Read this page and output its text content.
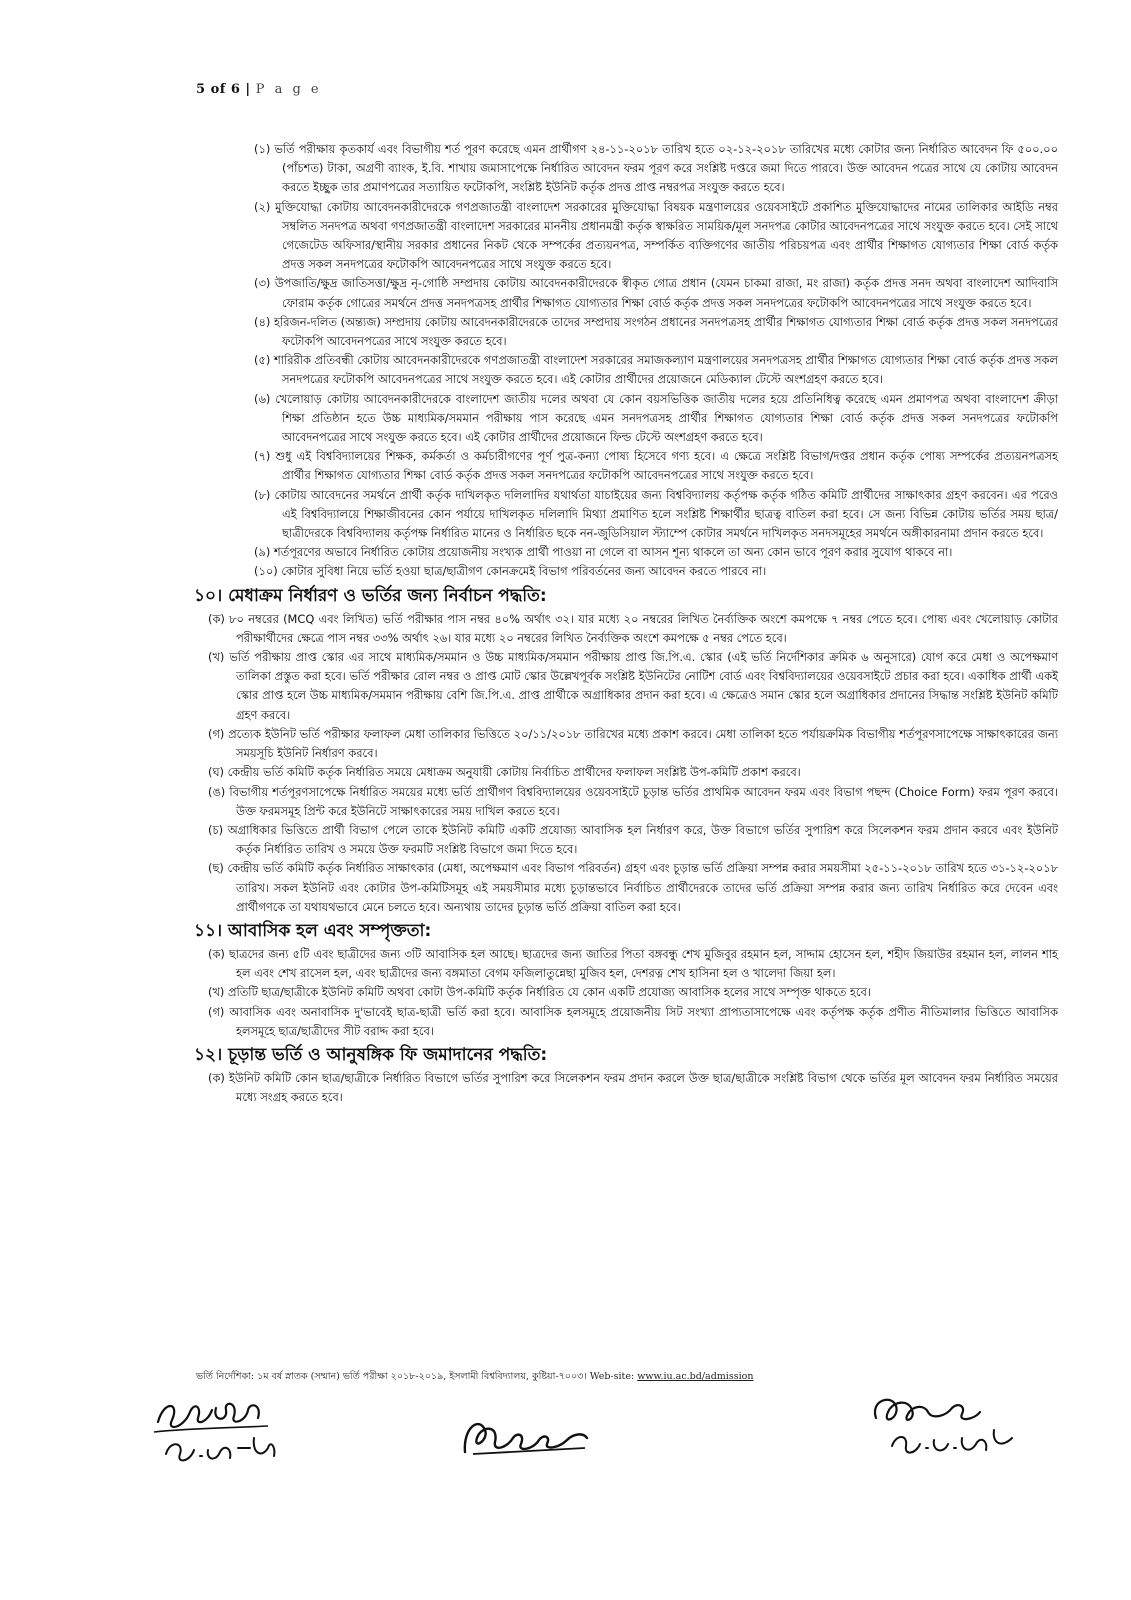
5 of 6 | P a g e

(১) ভর্তি পরীক্ষায় কৃতকার্য এবং বিভাগীয় শর্ত পূরণ করেছে এমন প্রার্থীগণ ২৪-১১-২০১৮ তারিখ হতে ০২-১২-২০১৮ তারিখের মধ্যে কোটার জন্য নির্ধারিত আবেদন ফি ৫০০.০০ (পাঁচশত) টাকা, অগ্রণী ব্যাংক, ই.বি. শাখায় জমাসাপেক্ষে নির্ধারিত আবেদন ফরম পূরণ করে সংশ্লিষ্ট দপ্তরে জমা দিতে পারবে। উক্ত আবেদন পত্রের সাথে যে কোটায় আবেদন করতে ইচ্ছুক তার প্রমাণপত্রের সত্যায়িত ফটোকপি, সংশ্লিষ্ট ইউনিট কর্তৃক প্রদত্ত প্রাপ্ত নম্বরপত্র সংযুক্ত করতে হবে।

(২) মুক্তিযোদ্ধা কোটায় আবেদনকারীদেরকে গণপ্রজাতন্ত্রী বাংলাদেশ সরকারের মুক্তিযোদ্ধা বিষয়ক মন্ত্রণালয়ের ওয়েবসাইটে প্রকাশিত মুক্তিযোদ্ধাদের নামের তালিকার আইডি নম্বর সম্বলিত সনদপত্র অথবা গণপ্রজাতন্ত্রী বাংলাদেশ সরকারের মাননীয় প্রধানমন্ত্রী কর্তৃক স্বাক্ষরিত সাময়িক/মূল সনদপত্র কোটার আবেদনপত্রের সাথে সংযুক্ত করতে হবে। সেই সাথে গেজেটেড অফিসার/স্থানীয় সরকার প্রধানের নিকট থেকে সম্পর্কের প্রত্যয়নপত্র, সম্পর্কিত ব্যক্তিগণের জাতীয় পরিচয়পত্র এবং প্রার্থীর শিক্ষাগত যোগ্যতার শিক্ষা বোর্ড কর্তৃক প্রদত্ত সকল সনদপত্রের ফটোকপি আবেদনপত্রের সাথে সংযুক্ত করতে হবে।

(৩) উপজাতি/ক্ষুদ্র জাতিসত্তা/ক্ষুদ্র নৃ-গোষ্ঠি সম্প্রদায় কোটায় আবেদনকারীদেরকে স্বীকৃত গোত্র প্রধান (যেমন চাকমা রাজা, মং রাজা) কর্তৃক প্রদত্ত সনদ অথবা বাংলাদেশ আদিবাসি ফোরাম কর্তৃক গোত্রের সমর্থনে প্রদত্ত সনদপত্রসহ প্রার্থীর শিক্ষাগত যোগ্যতার শিক্ষা বোর্ড কর্তৃক প্রদত্ত সকল সনদপত্রের ফটোকপি আবেদনপত্রের সাথে সংযুক্ত করতে হবে।

(৪) হরিজন-দলিত (অন্ত্যজ) সম্প্রদায় কোটায় আবেদনকারীদেরকে তাদের সম্প্রদায় সংগঠন প্রধানের সনদপত্রসহ প্রার্থীর শিক্ষাগত যোগ্যতার শিক্ষা বোর্ড কর্তৃক প্রদত্ত সকল সনদপত্রের ফটোকপি আবেদনপত্রের সাথে সংযুক্ত করতে হবে।

(৫) শারিরীক প্রতিবন্ধী কোটায় আবেদনকারীদেরকে গণপ্রজাতন্ত্রী বাংলাদেশ সরকারের সমাজকল্যাণ মন্ত্রণালয়ের সনদপত্রসহ প্রার্থীর শিক্ষাগত যোগ্যতার শিক্ষা বোর্ড কর্তৃক প্রদত্ত সকল সনদপত্রের ফটোকপি আবেদনপত্রের সাথে সংযুক্ত করতে হবে। এই কোটার প্রার্থীদের প্রয়োজনে মেডিক্যাল টেস্টে অংশগ্রহণ করতে হবে।

(৬) খেলোয়াড় কোটায় আবেদনকারীদেরকে বাংলাদেশ জাতীয় দলের অথবা যে কোন বয়সভিত্তিক জাতীয় দলের হয়ে প্রতিনিধিত্ব করেছে এমন প্রমাণপত্র অথবা বাংলাদেশ ক্রীড়া শিক্ষা প্রতিষ্ঠান হতে উচ্চ মাধ্যমিক/সমমান পরীক্ষায় পাস করেছে এমন সনদপত্রসহ প্রার্থীর শিক্ষাগত যোগ্যতার শিক্ষা বোর্ড কর্তৃক প্রদত্ত সকল সনদপত্রের ফটোকপি আবেদনপত্রের সাথে সংযুক্ত করতে হবে। এই কোটার প্রার্থীদের প্রয়োজনে ফিল্ড টেস্টে অংশগ্রহণ করতে হবে।

(৭) শুধু এই বিশ্ববিদ্যালয়ের শিক্ষক, কর্মকর্তা ও কর্মচারীগণের পূর্ণ পুত্র-কন্যা পোষ্য হিসেবে গণ্য হবে। এ ক্ষেত্রে সংশ্লিষ্ট বিভাগ/দপ্তর প্রধান কর্তৃক পোষ্য সম্পর্কের প্রত্যয়নপত্রসহ প্রার্থীর শিক্ষাগত যোগ্যতার শিক্ষা বোর্ড কর্তৃক প্রদত্ত সকল সনদপত্রের ফটোকপি আবেদনপত্রের সাথে সংযুক্ত করতে হবে।

(৮) কোটায় আবেদনের সমর্থনে প্রার্থী কর্তৃক দাখিলকৃত দলিলাদির যথার্থতা যাচাইয়ের জন্য বিশ্ববিদ্যালয় কর্তৃপক্ষ কর্তৃক গঠিত কমিটি প্রার্থীদের সাক্ষাৎকার গ্রহণ করবেন। এর পরেও এই বিশ্ববিদ্যালয়ে শিক্ষাজীবনের কোন পর্যায়ে দাখিলকৃত দলিলাদি মিথ্যা প্রমাণিত হলে সংশ্লিষ্ট শিক্ষার্থীর ছাত্রত্ব বাতিল করা হবে। সে জন্য বিভিন্ন কোটায় ভর্তির সময় ছাত্র/ছাত্রীদেরকে বিশ্ববিদ্যালয় কর্তৃপক্ষ নির্ধারিত মানের ও নির্ধারিত ছকে নন-জুডিসিয়াল স্ট্যাম্পে কোটার সমর্থনে দাখিলকৃত সনদসমূহের সমর্থনে অঙ্গীকারনামা প্রদান করতে হবে।

(৯) শর্তপূরণের অভাবে নির্ধারিত কোটায় প্রয়োজনীয় সংখ্যক প্রার্থী পাওয়া না গেলে বা আসন শূন্য থাকলে তা অন্য কোন ভাবে পূরণ করার সুযোগ থাকবে না।

(১০) কোটার সুবিধা নিয়ে ভর্তি হওয়া ছাত্র/ছাত্রীগণ কোনক্রমেই বিভাগ পরিবর্তনের জন্য আবেদন করতে পারবে না।

১০। মেধাক্রম নির্ধারণ ও ভর্তির জন্য নির্বাচন পদ্ধতি:

(ক) ৮০ নম্বরের (MCQ এবং লিখিত) ভর্তি পরীক্ষার পাস নম্বর ৪০% অর্থাৎ ৩২। যার মধ্যে ২০ নম্বরের লিখিত নৈর্ব্যক্তিক অংশে কমপক্ষে ৭ নম্বর পেতে হবে। পোষ্য এবং খেলোয়াড় কোটার পরীক্ষার্থীদের ক্ষেত্রে পাস নম্বর ৩৩% অর্থাৎ ২৬। যার মধ্যে ২০ নম্বরের লিখিত নৈর্ব্যক্তিক অংশে কমপক্ষে ৫ নম্বর পেতে হবে।

(খ) ভর্তি পরীক্ষায় প্রাপ্ত স্কোর এর সাথে মাধ্যমিক/সমমান ও উচ্চ মাধ্যমিক/সমমান পরীক্ষায় প্রাপ্ত জি.পি.এ. স্কোর (এই ভর্তি নির্দেশিকার ক্রমিক ৬ অনুসারে) যোগ করে মেধা ও অপেক্ষমাণ তালিকা প্রস্তুত করা হবে। ভর্তি পরীক্ষার রোল নম্বর ও প্রাপ্ত মোট স্কোর উল্লেখপূর্বক সংশ্লিষ্ট ইউনিটের নোটিশ বোর্ড এবং বিশ্ববিদ্যালয়ের ওয়েবসাইটে প্রচার করা হবে। একাধিক প্রার্থী একই স্কোর প্রাপ্ত হলে উচ্চ মাধ্যমিক/সমমান পরীক্ষায় বেশি জি.পি.এ. প্রাপ্ত প্রার্থীকে অগ্রাধিকার প্রদান করা হবে। এ ক্ষেত্রেও সমান স্কোর হলে অগ্রাধিকার প্রদানের সিদ্ধান্ত সংশ্লিষ্ট ইউনিট কমিটি গ্রহণ করবে।

(গ) প্রত্যেক ইউনিট ভর্তি পরীক্ষার ফলাফল মেধা তালিকার ভিত্তিতে ২০/১১/২০১৮ তারিখের মধ্যে প্রকাশ করবে। মেধা তালিকা হতে পর্যায়ক্রমিক বিভাগীয় শর্তপূরণসাপেক্ষে সাক্ষাৎকারের জন্য সময়সূচি ইউনিট নির্ধারণ করবে।

(ঘ) কেন্দ্রীয় ভর্তি কমিটি কর্তৃক নির্ধারিত সময়ে মেধাক্রম অনুযায়ী কোটায় নির্বাচিত প্রার্থীদের ফলাফল সংশ্লিষ্ট উপ-কমিটি প্রকাশ করবে।

(ঙ) বিভাগীয় শর্তপূরণসাপেক্ষে নির্ধারিত সময়ের মধ্যে ভর্তি প্রার্থীগণ বিশ্ববিদ্যালয়ের ওয়েবসাইটে চূড়ান্ত ভর্তির প্রাথমিক আবেদন ফরম এবং বিভাগ পছন্দ (Choice Form) ফরম পূরণ করবে। উক্ত ফরমসমূহ প্রিন্ট করে ইউনিটে সাক্ষাৎকারের সময় দাখিল করতে হবে।

(চ) অগ্রাধিকার ভিত্তিতে প্রার্থী বিভাগ পেলে তাকে ইউনিট কমিটি একটি প্রযোজ্য আবাসিক হল নির্ধারণ করে, উক্ত বিভাগে ভর্তির সুপারিশ করে সিলেকশন ফরম প্রদান করবে এবং ইউনিট কর্তৃক নির্ধারিত তারিখ ও সময়ে উক্ত ফরমটি সংশ্লিষ্ট বিভাগে জমা দিতে হবে।

(ছ) কেন্দ্রীয় ভর্তি কমিটি কর্তৃক নির্ধারিত সাক্ষাৎকার (মেধা, অপেক্ষমাণ এবং বিভাগ পরিবর্তন) গ্রহণ এবং চূড়ান্ত ভর্তি প্রক্রিয়া সম্পন্ন করার সময়সীমা ২৫-১১-২০১৮ তারিখ হতে ৩১-১২-২০১৮ তারিখ। সকল ইউনিট এবং কোটার উপ-কমিটিসমূহ এই সময়সীমার মধ্যে চূড়ান্তভাবে নির্বাচিত প্রার্থীদেরকে তাদের ভর্তি প্রক্রিয়া সম্পন্ন করার জন্য তারিখ নির্ধারিত করে দেবেন এবং প্রার্থীগণকে তা যথাযথভাবে মেনে চলতে হবে। অন্যথায় তাদের চূড়ান্ত ভর্তি প্রক্রিয়া বাতিল করা হবে।

১১। আবাসিক হল এবং সম্পৃক্ততা:

(ক) ছাত্রদের জন্য ৫টি এবং ছাত্রীদের জন্য ৩টি আবাসিক হল আছে। ছাত্রদের জন্য জাতির পিতা বঙ্গবন্ধু শেখ মুজিবুর রহমান হল, সাদ্দাম হোসেন হল, শহীদ জিয়াউর রহমান হল, লালন শাহ হল এবং শেখ রাসেল হল, এবং ছাত্রীদের জন্য বঙ্গমাতা বেগম ফজিলাতুন্নেছা মুজিব হল, দেশরত্ন শেখ হাসিনা হল ও খালেদা জিয়া হল।

(খ) প্রতিটি ছাত্র/ছাত্রীকে ইউনিট কমিটি অথবা কোটা উপ-কমিটি কর্তৃক নির্ধারিত যে কোন একটি প্রযোজ্য আবাসিক হলের সাথে সম্পৃক্ত থাকতে হবে।

(গ) আবাসিক এবং অনাবাসিক দু'ভাবেই ছাত্র-ছাত্রী ভর্তি করা হবে। আবাসিক হলসমূহে প্রয়োজনীয় সিট সংখ্যা প্রাপ্যতাসাপেক্ষে এবং কর্তৃপক্ষ কর্তৃক প্রণীত নীতিমালার ভিত্তিতে আবাসিক হলসমূহে ছাত্র/ছাত্রীদের সীট বরাদ্দ করা হবে।

১২। চূড়ান্ত ভর্তি ও আনুষঙ্গিক ফি জমাদানের পদ্ধতি:

(ক) ইউনিট কমিটি কোন ছাত্র/ছাত্রীকে নির্ধারিত বিভাগে ভর্তির সুপারিশ করে সিলেকশন ফরম প্রদান করলে উক্ত ছাত্র/ছাত্রীকে সংশ্লিষ্ট বিভাগ থেকে ভর্তির মূল আবেদন ফরম নির্ধারিত সময়ের মধ্যে সংগ্রহ করতে হবে।

ভর্তি নির্দেশিকা: ১ম বর্ষ স্নাতক (সম্মান) ভর্তি পরীক্ষা ২০১৮-২০১৯, ইসলামী বিশ্ববিদ্যালয়, কুষ্টিয়া-৭০০৩। Web-site: www.iu.ac.bd/admission
